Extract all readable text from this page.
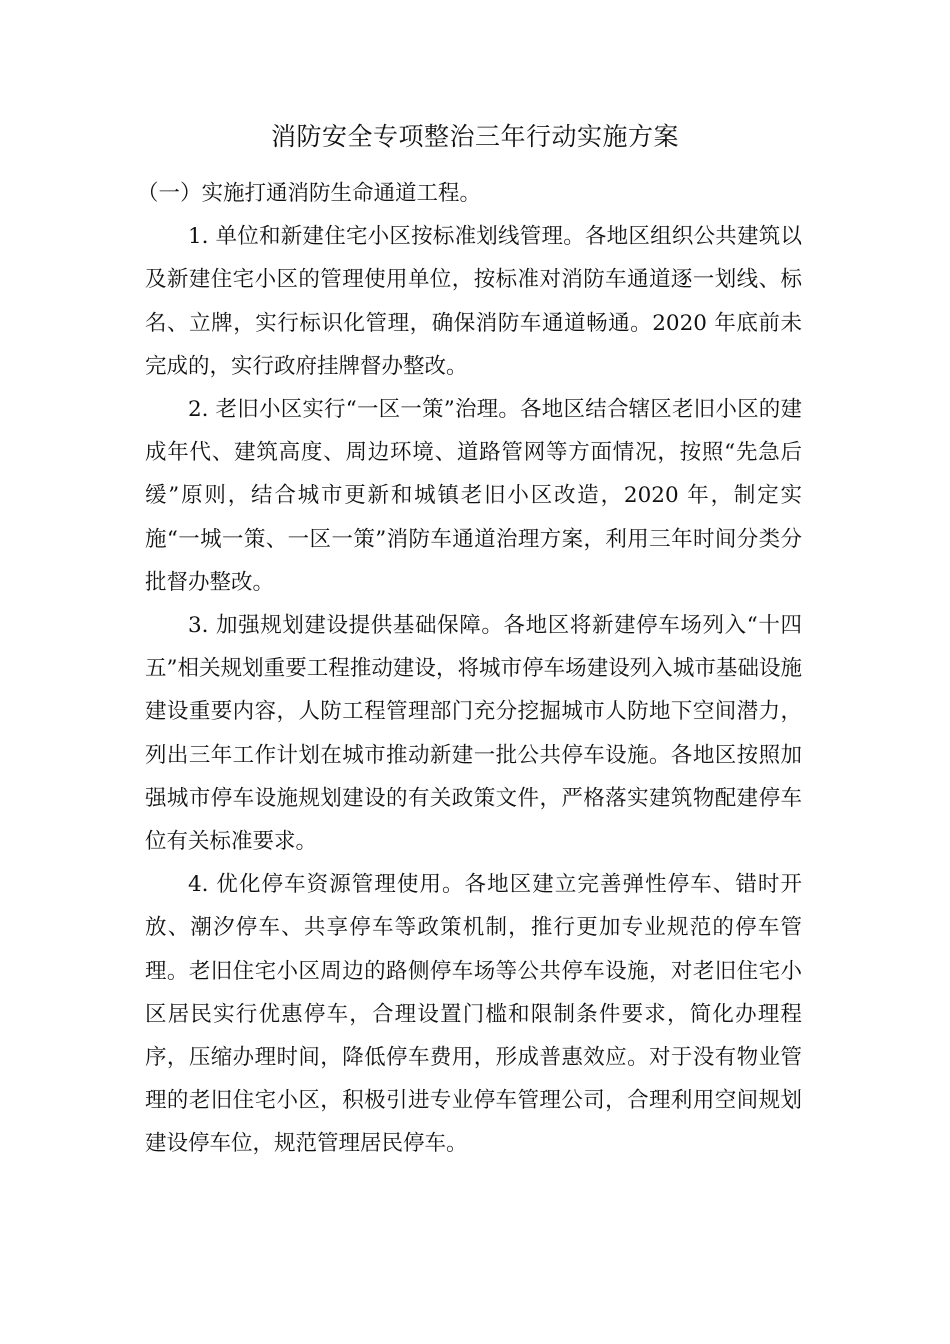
消防安全专项整治三年行动实施方案

（一）实施打通消防生命通道工程。

1. 单位和新建住宅小区按标准划线管理。各地区组织公共建筑以及新建住宅小区的管理使用单位，按标准对消防车通道逐一划线、标名、立牌，实行标识化管理，确保消防车通道畅通。2020 年底前未完成的，实行政府挂牌督办整改。

2. 老旧小区实行“一区一策”治理。各地区结合辖区老旧小区的建成年代、建筑高度、周边环境、道路管网等方面情况，按照“先急后缓”原则，结合城市更新和城镇老旧小区改造，2020 年，制定实施“一城一策、一区一策”消防车通道治理方案，利用三年时间分类分批督办整改。

3. 加强规划建设提供基础保障。各地区将新建停车场列入“十四五”相关规划重要工程推动建设，将城市停车场建设列入城市基础设施建设重要内容，人防工程管理部门充分挖掘城市人防地下空间潜力，列出三年工作计划在城市推动新建一批公共停车设施。各地区按照加强城市停车设施规划建设的有关政策文件，严格落实建筑物配建停车位有关标准要求。

4. 优化停车资源管理使用。各地区建立完善弹性停车、错时开放、潮汐停车、共享停车等政策机制，推行更加专业规范的停车管理。老旧住宅小区周边的路侧停车场等公共停车设施，对老旧住宅小区居民实行优惠停车，合理设置门槛和限制条件要求，简化办理程序，压缩办理时间，降低停车费用，形成普惠效应。对于没有物业管理的老旧住宅小区，积极引进专业停车管理公司，合理利用空间规划建设停车位，规范管理居民停车。
